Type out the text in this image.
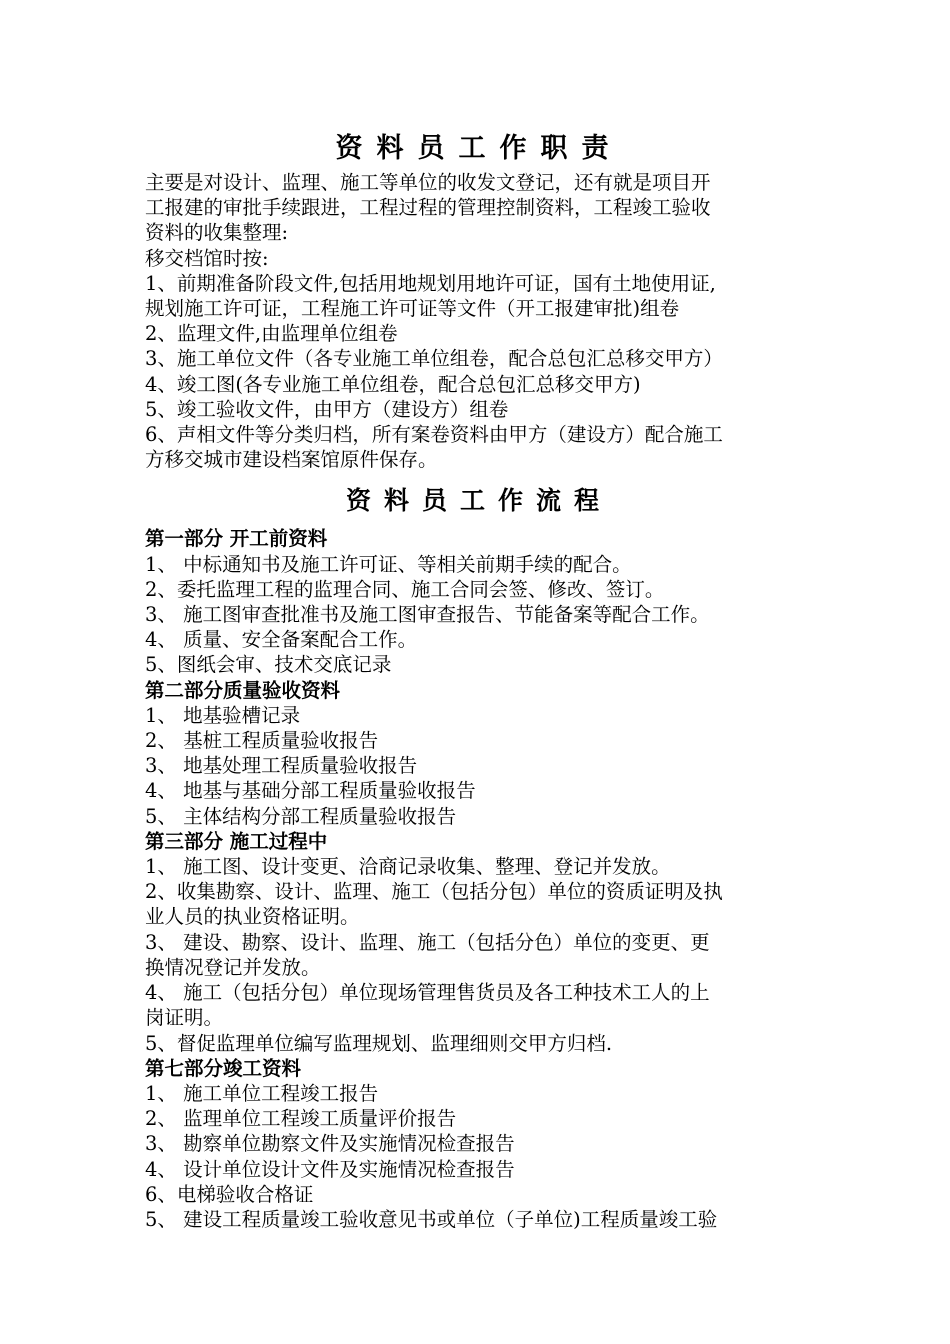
资料员工作职责

主要是对设计、监理、施工等单位的收发文登记，还有就是项目开

工报建的审批手续跟进，工程过程的管理控制资料，工程竣工验收

资料的收集整理:

移交档馆时按:

1、前期准备阶段文件,包括用地规划用地许可证，国有土地使用证,

规划施工许可证，工程施工许可证等文件（开工报建审批)组卷

2、监理文件,由监理单位组卷

3、施工单位文件（各专业施工单位组卷，配合总包汇总移交甲方）

4、竣工图(各专业施工单位组卷，配合总包汇总移交甲方)

5、竣工验收文件，由甲方（建设方）组卷

6、声相文件等分类归档，所有案卷资料由甲方（建设方）配合施工

方移交城市建设档案馆原件保存。

资料员工作流程

第一部分 开工前资料

1、 中标通知书及施工许可证、等相关前期手续的配合。

2、委托监理工程的监理合同、施工合同会签、修改、签订。

3、 施工图审查批准书及施工图审查报告、节能备案等配合工作。

4、 质量、安全备案配合工作。

5、图纸会审、技术交底记录

第二部分质量验收资料

1、 地基验槽记录

2、 基桩工程质量验收报告

3、 地基处理工程质量验收报告

4、 地基与基础分部工程质量验收报告

5、 主体结构分部工程质量验收报告

第三部分 施工过程中

1、 施工图、设计变更、洽商记录收集、整理、登记并发放。

2、收集勘察、设计、监理、施工（包括分包）单位的资质证明及执

业人员的执业资格证明。

3、 建设、勘察、设计、监理、施工（包括分色）单位的变更、更

换情况登记并发放。

4、 施工（包括分包）单位现场管理售货员及各工种技术工人的上

岗证明。

5、督促监理单位编写监理规划、监理细则交甲方归档.

第七部分竣工资料

1、 施工单位工程竣工报告

2、 监理单位工程竣工质量评价报告

3、 勘察单位勘察文件及实施情况检查报告

4、 设计单位设计文件及实施情况检查报告

6、电梯验收合格证

5、 建设工程质量竣工验收意见书或单位（子单位)工程质量竣工验
